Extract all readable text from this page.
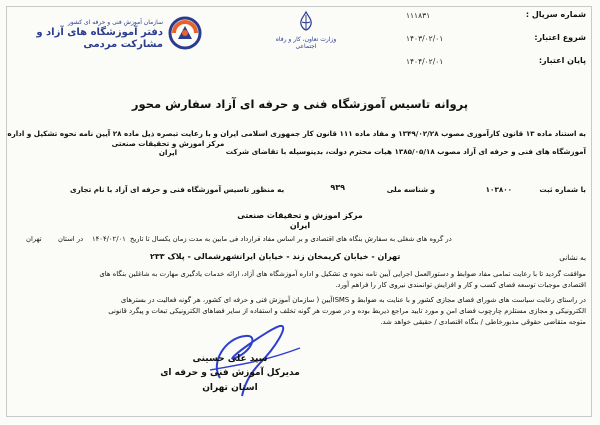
شماره سریال :
۱۱۱۸۳۱
شروع اعتبار:
۱۴۰۳/۰۲/۰۱
پایان اعتبار:
۱۴۰۴/۰۲/۰۱
وزارت تعاون، کار و رفاه اجتماعی
سازمان آموزش فنی و حرفه ای کشور
دفتر آموزشگاه های آزاد و مشارکت مردمی
پروانه تاسیس آموزشگاه فنی و حرفه ای آزاد سفارش محور
به استناد ماده ۱۳ قانون کارآموزی مصوب ۱۳۴۹/۰۲/۲۸ و مفاد ماده ۱۱۱ قانون کار جمهوری اسلامی ایران و با رعایت تبصره ذیل ماده ۲۸ آیین نامه نحوه تشکیل و اداره
آموزشگاه های فنی و حرفه ای آزاد مصوب ۱۳۸۵/۰۵/۱۸ هیات محترم دولت، بدینوسیله با تقاضای شرکت
مرکز اموزش و تحقیقات صنعتی ایران
با شماره ثبت
۱۰۳۸۰۰
و شناسه ملی
۹۳۹
به منظور تاسیس آموزشگاه فنی و حرفه ای آزاد با نام تجاری
مرکز اموزش و تحقیقات صنعتی ایران
در گروه های شغلی به سفارش بنگاه های اقتصادی و بر اساس مفاد قرارداد فی مابین به مدت زمان یکسال تا تاریخ
۱۴۰۴/۰۲/۰۱
در استان
تهران
به نشانی
تهران - خیابان کریمخان زند - خیابان ایرانشهرشمالی - پلاک ۲۳۳
موافقت گردید تا با رعایت تمامی مفاد ضوابط و دستورالعمل اجرایی آیین نامه نحوه ی تشکیل و اداره آموزشگاه های آزاد، ارائه خدمات یادگیری مهارت به شاغلین بنگاه های
اقتصادی موجبات توسعه فضای کسب و کار و افزایش توانمندی نیروی کار را فراهم آورد.
در راستای رعایت سیاست های شورای فضای مجازی کشور و با عنایت به ضوابط و ISMSآیین ( سازمان آموزش فنی و حرفه ای کشور، هر گونه فعالیت در بسترهای
الکترونیکی و مجازی مستلزم چارچوب فضای امن و مورد تایید مراجع ذیربط بوده و در صورت هر گونه تخلف و استفاده از سایر فضاهای الکترونیکی تبعات و پیگرد قانونی
متوجه متقاضی حقوقی مذبورخاطی / بنگاه اقتصادی / حقیقی خواهد شد.
سید علی حسینی
مدیرکل آموزش فنی و حرفه ای استان تهران
